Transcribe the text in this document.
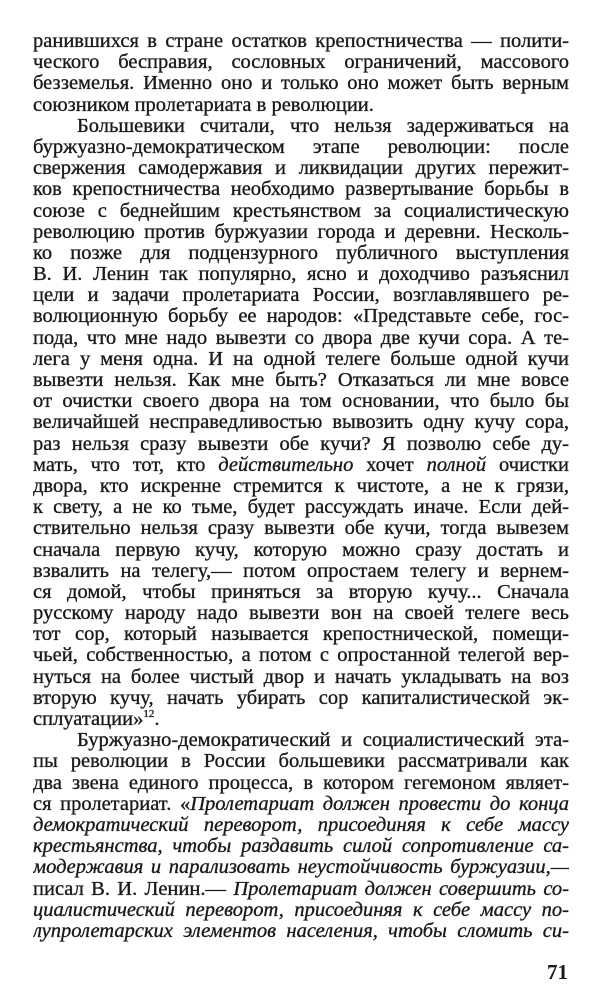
ранившихся в стране остатков крепостничества — полити-
ческого бесправия, сословных ограничений, массового
безземелья. Именно оно и только оно может быть верным
союзником пролетариата в революции.
Большевики считали, что нельзя задерживаться на
буржуазно-демократическом этапе революции: после
свержения самодержавия и ликвидации других пережит-
ков крепостничества необходимо развертывание борьбы в
союзе с беднейшим крестьянством за социалистическую
революцию против буржуазии города и деревни. Несколь-
ко позже для подцензурного публичного выступления
В. И. Ленин так популярно, ясно и доходчиво разъяснил
цели и задачи пролетариата России, возглавлявшего ре-
волюционную борьбу ее народов: «Представьте себе, гос-
пода, что мне надо вывезти со двора две кучи сора. А те-
лега у меня одна. И на одной телеге больше одной кучи
вывезти нельзя. Как мне быть? Отказаться ли мне вовсе
от очистки своего двора на том основании, что было бы
величайшей несправедливостью вывозить одну кучу сора,
раз нельзя сразу вывезти обе кучи? Я позволю себе ду-
мать, что тот, кто действительно хочет полной очистки
двора, кто искренне стремится к чистоте, а не к грязи,
к свету, а не ко тьме, будет рассуждать иначе. Если дей-
ствительно нельзя сразу вывезти обе кучи, тогда вывезем
сначала первую кучу, которую можно сразу достать и
взвалить на телегу,— потом опростаем телегу и вернем-
ся домой, чтобы приняться за вторую кучу... Сначала
русскому народу надо вывезти вон на своей телеге весь
тот сор, который называется крепостнической, помещи-
чьей, собственностью, а потом с опростанной телегой вер-
нуться на более чистый двор и начать укладывать на воз
вторую кучу, начать убирать сор капиталистической эк-
сплуатации»$^{12}$.
Буржуазно-демократический и социалистический эта-
пы революции в России большевики рассматривали как
два звена единого процесса, в котором гегемоном являет-
ся пролетариат. «Пролетариат должен провести до конца
демократический переворот, присоединяя к себе массу
крестьянства, чтобы раздавить силой сопротивление са-
модержавия и парализовать неустойчивость буржуазии,—
писал В. И. Ленин.— Пролетариат должен совершить со-
циалистический переворот, присоединяя к себе массу по-
лупролетарских элементов населения, чтобы сломить си-
71
